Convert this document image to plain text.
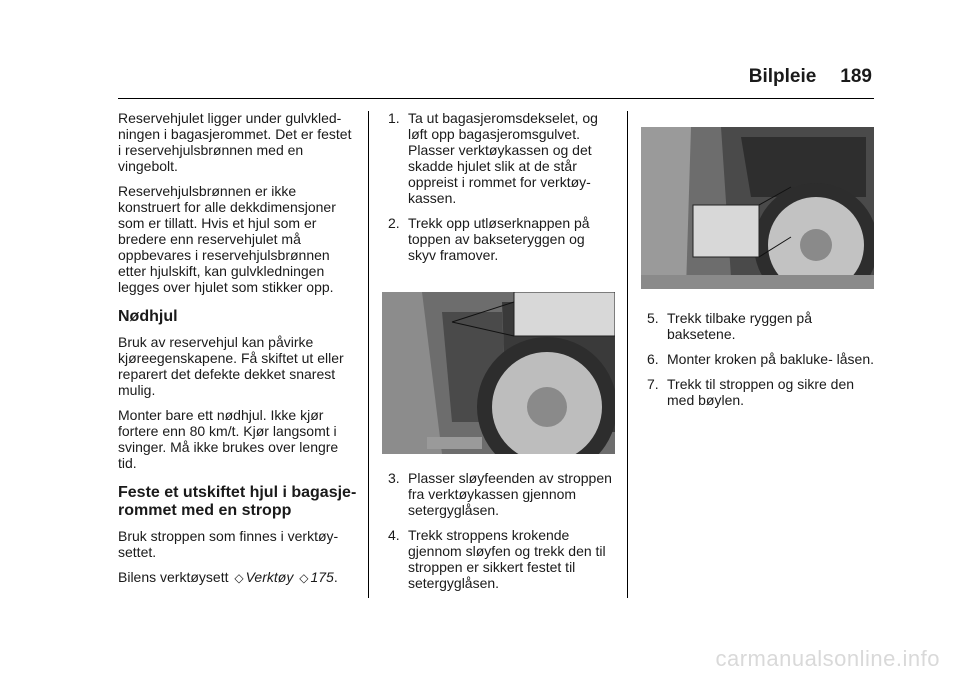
Bilpleie 189

Reservehjulet ligger under gulvkled- ningen i bagasjerommet. Det er festet i reservehjulsbrønnen med en vingebolt.

Reservehjulsbrønnen er ikke konstruert for alle dekkdimensjoner som er tillatt. Hvis et hjul som er bredere enn reservehjulet må oppbevares i reservehjulsbrønnen etter hjulskift, kan gulvkledningen legges over hjulet som stikker opp.

Nødhjul

Bruk av reservehjul kan påvirke kjøreegenskapene. Få skiftet ut eller reparert det defekte dekket snarest mulig.

Monter bare ett nødhjul. Ikke kjør fortere enn 80 km/t. Kjør langsomt i svinger. Må ikke brukes over lengre tid.

Feste et utskiftet hjul i bagasje- rommet med en stropp

Bruk stroppen som finnes i verktøy- settet.

Bilens verktøysett ◇ Verktøy ◇ 175.

1. Ta ut bagasjeromsdekselet, og løft opp bagasjeromsgulvet. Plasser verktøykassen og det skadde hjulet slik at de står oppreist i rommet for verktøy- kassen.
2. Trekk opp utløserknappen på toppen av bakseteryggen og skyv framover.
3. Plasser sløyfeenden av stroppen fra verktøykassen gjennom setergyglåsen.
4. Trekk stroppens krokende gjennom sløyfen og trekk den til stroppen er sikkert festet til setergyglåsen.
5. Trekk tilbake ryggen på baksetene.
6. Monter kroken på bakluke- låsen.
7. Trekk til stroppen og sikre den med bøylen.
carmanualsonline.info
